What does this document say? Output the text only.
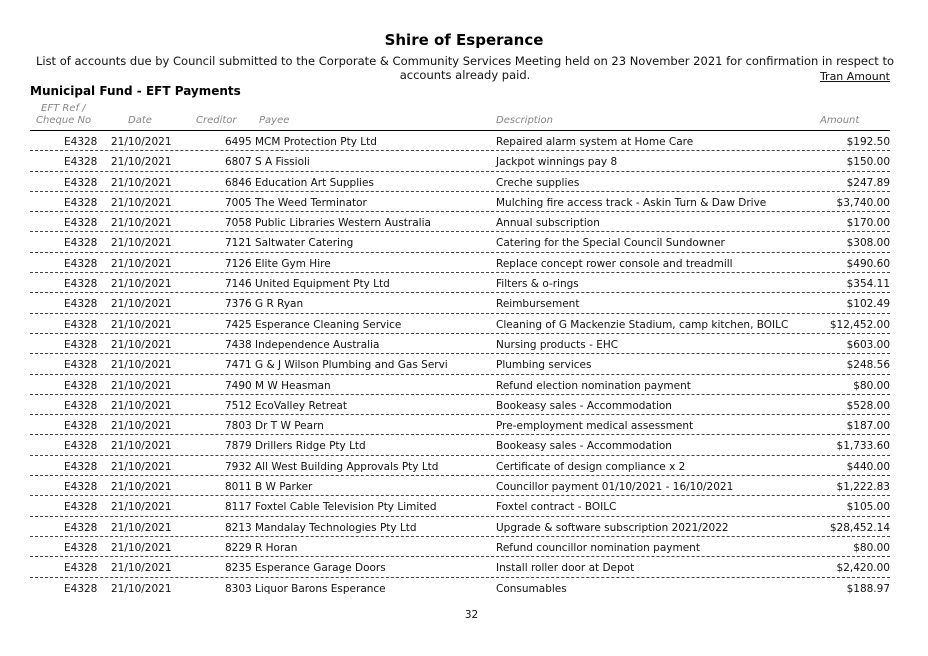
Shire of Esperance
List of accounts due by Council submitted to the Corporate & Community Services Meeting held on 23 November 2021 for confirmation in respect to accounts already paid.	Tran Amount
Municipal Fund - EFT Payments
EFT Ref /
Cheque No	Date	Creditor Payee	Description	Amount
E4328 21/10/2021	6495 MCM Protection Pty Ltd	Repaired alarm system at Home Care	$192.50
E4328 21/10/2021	6807 S A Fissioli	Jackpot winnings pay 8	$150.00
E4328 21/10/2021	6846 Education Art Supplies	Creche supplies	$247.89
E4328 21/10/2021	7005 The Weed Terminator	Mulching fire access track - Askin Turn & Daw Drive	$3,740.00
E4328 21/10/2021	7058 Public Libraries Western Australia	Annual subscription	$170.00
E4328 21/10/2021	7121 Saltwater Catering	Catering for the Special Council Sundowner	$308.00
E4328 21/10/2021	7126 Elite Gym Hire	Replace concept rower console and treadmill	$490.60
E4328 21/10/2021	7146 United Equipment Pty Ltd	Filters & o-rings	$354.11
E4328 21/10/2021	7376 G R Ryan	Reimbursement	$102.49
E4328 21/10/2021	7425 Esperance Cleaning Service	Cleaning of G Mackenzie Stadium, camp kitchen, BOILC	$12,452.00
E4328 21/10/2021	7438 Independence Australia	Nursing products - EHC	$603.00
E4328 21/10/2021	7471 G & J Wilson Plumbing and Gas Servi	Plumbing services	$248.56
E4328 21/10/2021	7490 M W Heasman	Refund election nomination payment	$80.00
E4328 21/10/2021	7512 EcoValley Retreat	Bookeasy sales - Accommodation	$528.00
E4328 21/10/2021	7803 Dr T W Pearn	Pre-employment medical assessment	$187.00
E4328 21/10/2021	7879 Drillers Ridge Pty Ltd	Bookeasy sales - Accommodation	$1,733.60
E4328 21/10/2021	7932 All West Building Approvals Pty Ltd	Certificate of design compliance x 2	$440.00
E4328 21/10/2021	8011 B W Parker	Councillor payment 01/10/2021 - 16/10/2021	$1,222.83
E4328 21/10/2021	8117 Foxtel Cable Television Pty Limited	Foxtel contract - BOILC	$105.00
E4328 21/10/2021	8213 Mandalay Technologies Pty Ltd	Upgrade & software subscription 2021/2022	$28,452.14
E4328 21/10/2021	8229 R Horan	Refund councillor nomination payment	$80.00
E4328 21/10/2021	8235 Esperance Garage Doors	Install roller door at Depot	$2,420.00
E4328 21/10/2021	8303 Liquor Barons Esperance	Consumables	$188.97
32
